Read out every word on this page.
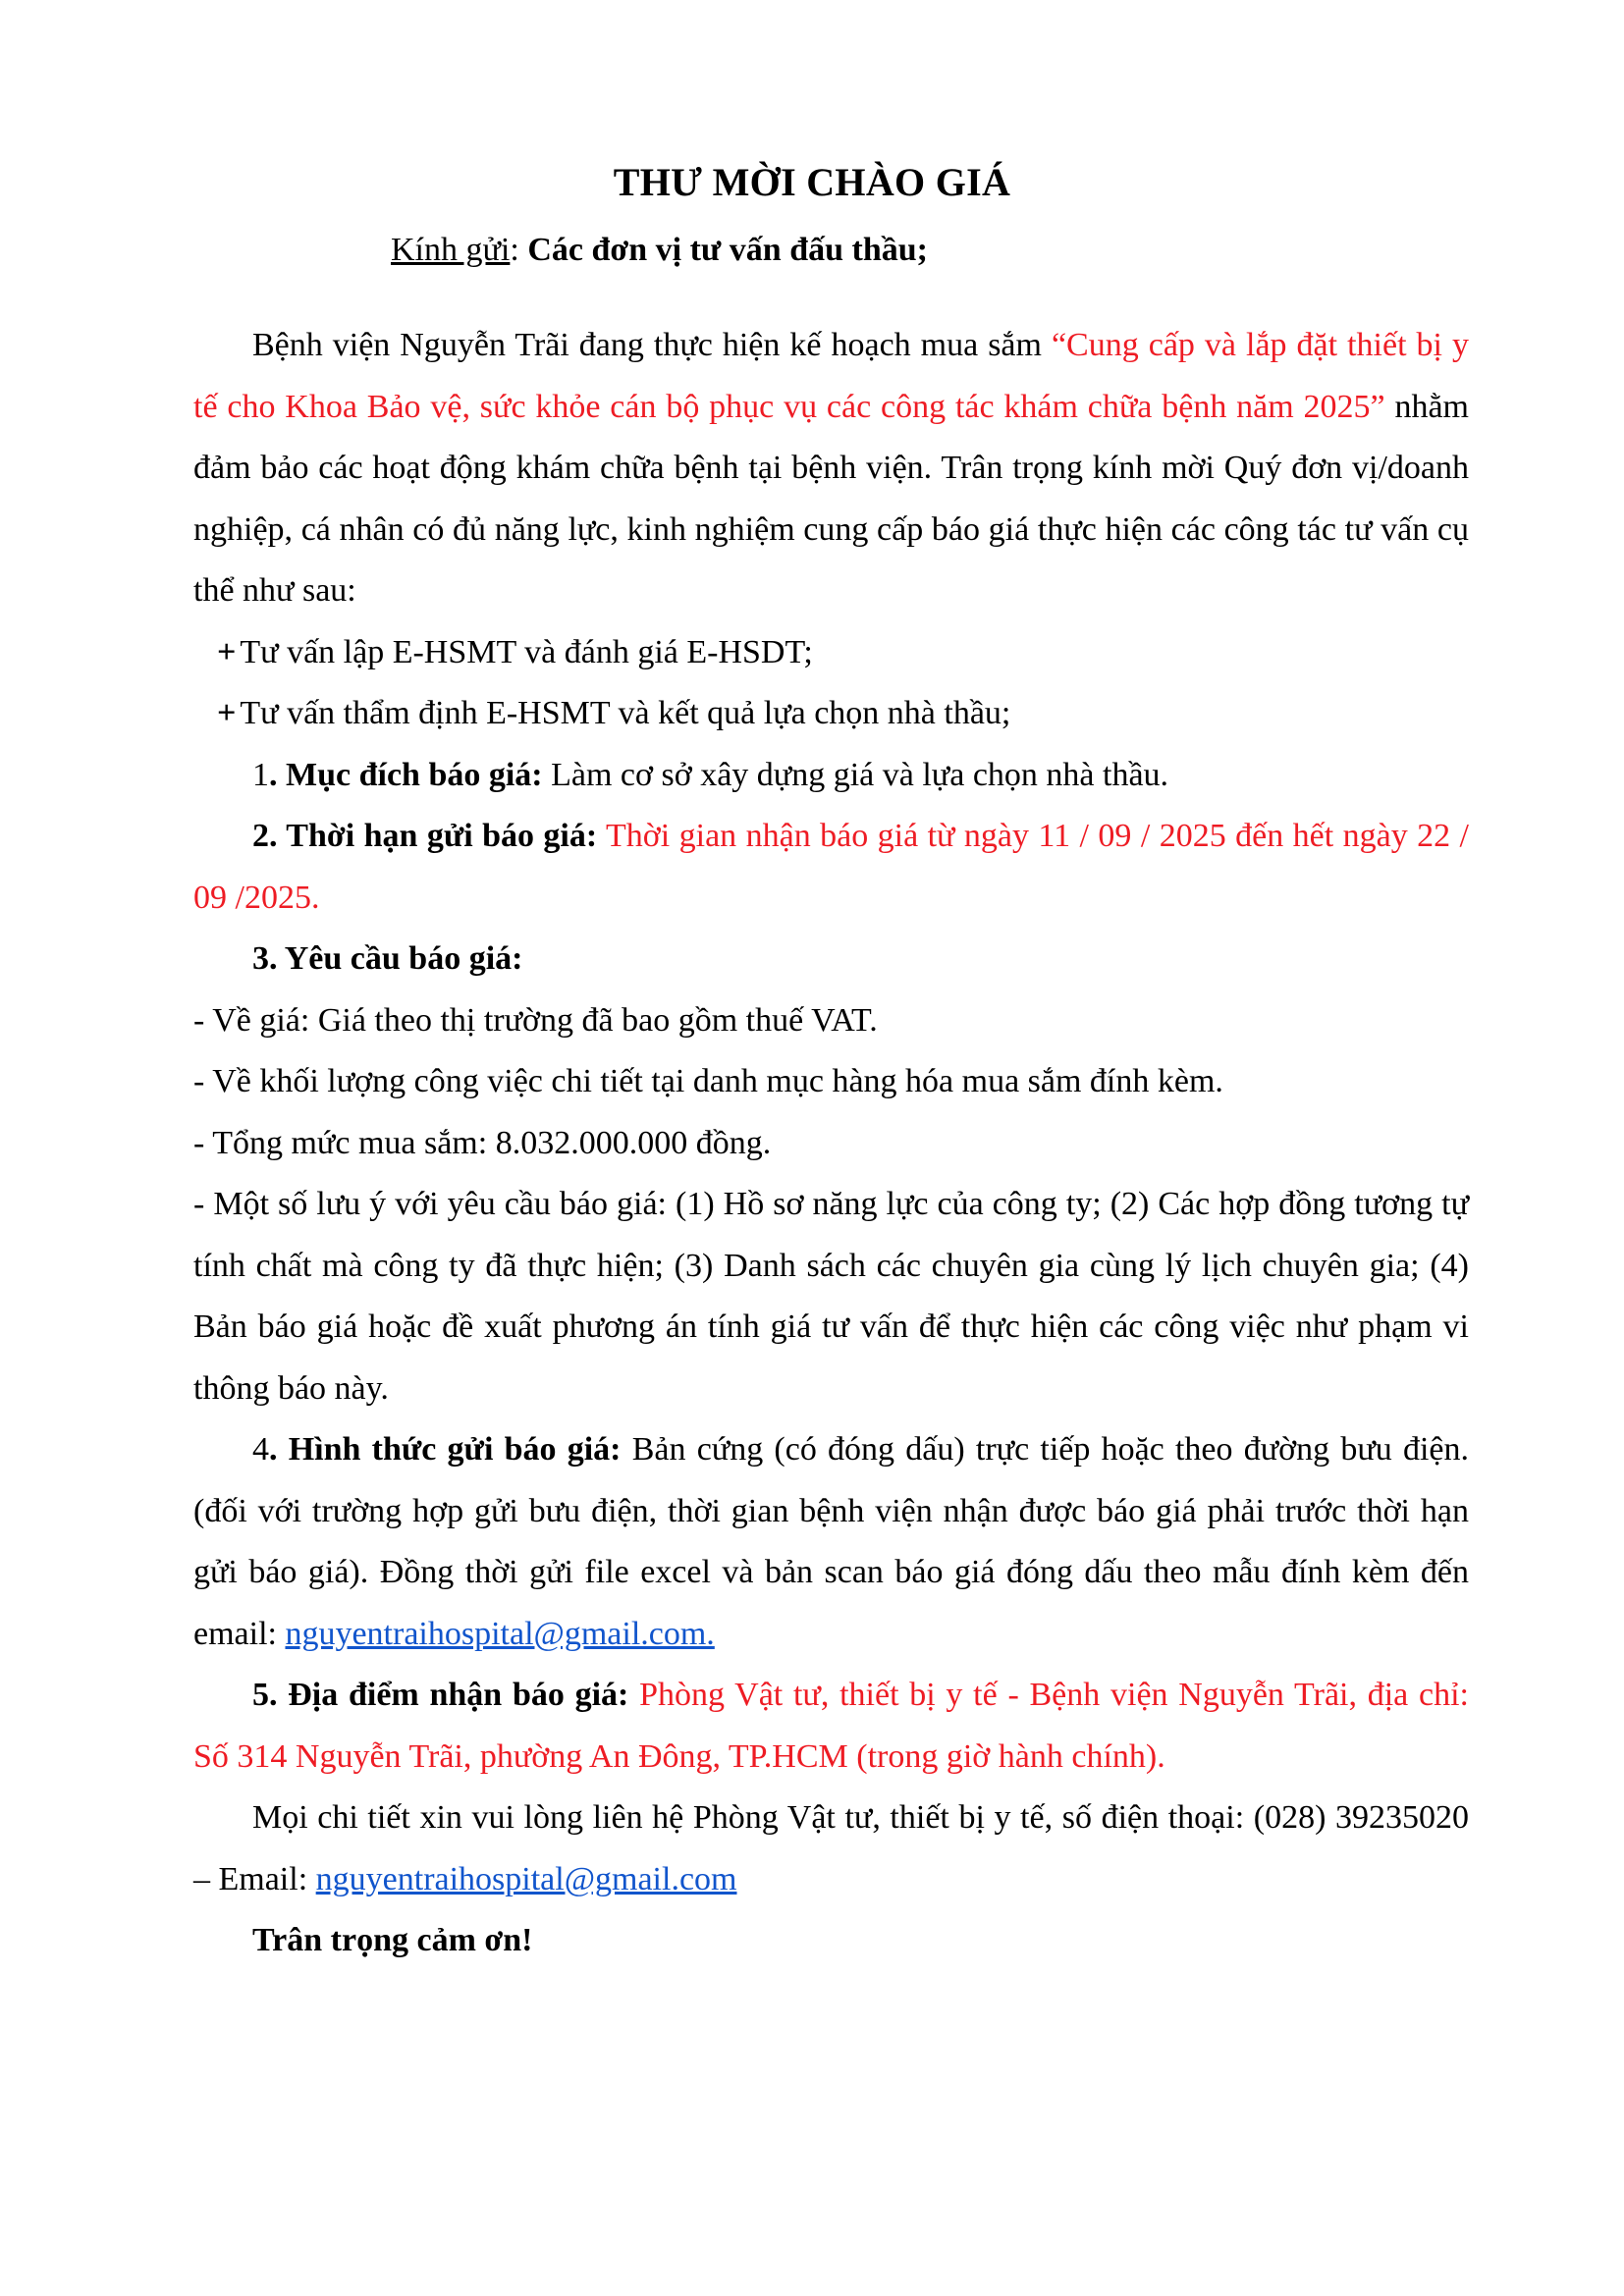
THƯ MỜI CHÀO GIÁ
Kính gửi: Các đơn vị tư vấn đấu thầu;

Bệnh viện Nguyễn Trãi đang thực hiện kế hoạch mua sắm “Cung cấp và lắp đặt thiết bị y tế cho Khoa Bảo vệ, sức khỏe cán bộ phục vụ các công tác khám chữa bệnh năm 2025” nhằm đảm bảo các hoạt động khám chữa bệnh tại bệnh viện. Trân trọng kính mời Quý đơn vị/doanh nghiệp, cá nhân có đủ năng lực, kinh nghiệm cung cấp báo giá thực hiện các công tác tư vấn cụ thể như sau:

+ Tư vấn lập E-HSMT và đánh giá E-HSDT;

+ Tư vấn thẩm định E-HSMT và kết quả lựa chọn nhà thầu;

1. Mục đích báo giá: Làm cơ sở xây dựng giá và lựa chọn nhà thầu.

2. Thời hạn gửi báo giá: Thời gian nhận báo giá từ ngày 11 / 09 / 2025 đến hết ngày 22 / 09 /2025.

3. Yêu cầu báo giá:

- Về giá: Giá theo thị trường đã bao gồm thuế VAT.

- Về khối lượng công việc chi tiết tại danh mục hàng hóa mua sắm đính kèm.

- Tổng mức mua sắm: 8.032.000.000 đồng.

- Một số lưu ý với yêu cầu báo giá: (1) Hồ sơ năng lực của công ty; (2) Các hợp đồng tương tự tính chất mà công ty đã thực hiện; (3) Danh sách các chuyên gia cùng lý lịch chuyên gia; (4) Bản báo giá hoặc đề xuất phương án tính giá tư vấn để thực hiện các công việc như phạm vi thông báo này.

4. Hình thức gửi báo giá: Bản cứng (có đóng dấu) trực tiếp hoặc theo đường bưu điện. (đối với trường hợp gửi bưu điện, thời gian bệnh viện nhận được báo giá phải trước thời hạn gửi báo giá). Đồng thời gửi file excel và bản scan báo giá đóng dấu theo mẫu đính kèm đến email: nguyentraihospital@gmail.com.

5. Địa điểm nhận báo giá: Phòng Vật tư, thiết bị y tế - Bệnh viện Nguyễn Trãi, địa chỉ: Số 314 Nguyễn Trãi, phường An Đông, TP.HCM (trong giờ hành chính).

Mọi chi tiết xin vui lòng liên hệ Phòng Vật tư, thiết bị y tế, số điện thoại: (028) 39235020 – Email: nguyentraihospital@gmail.com

Trân trọng cảm ơn!
